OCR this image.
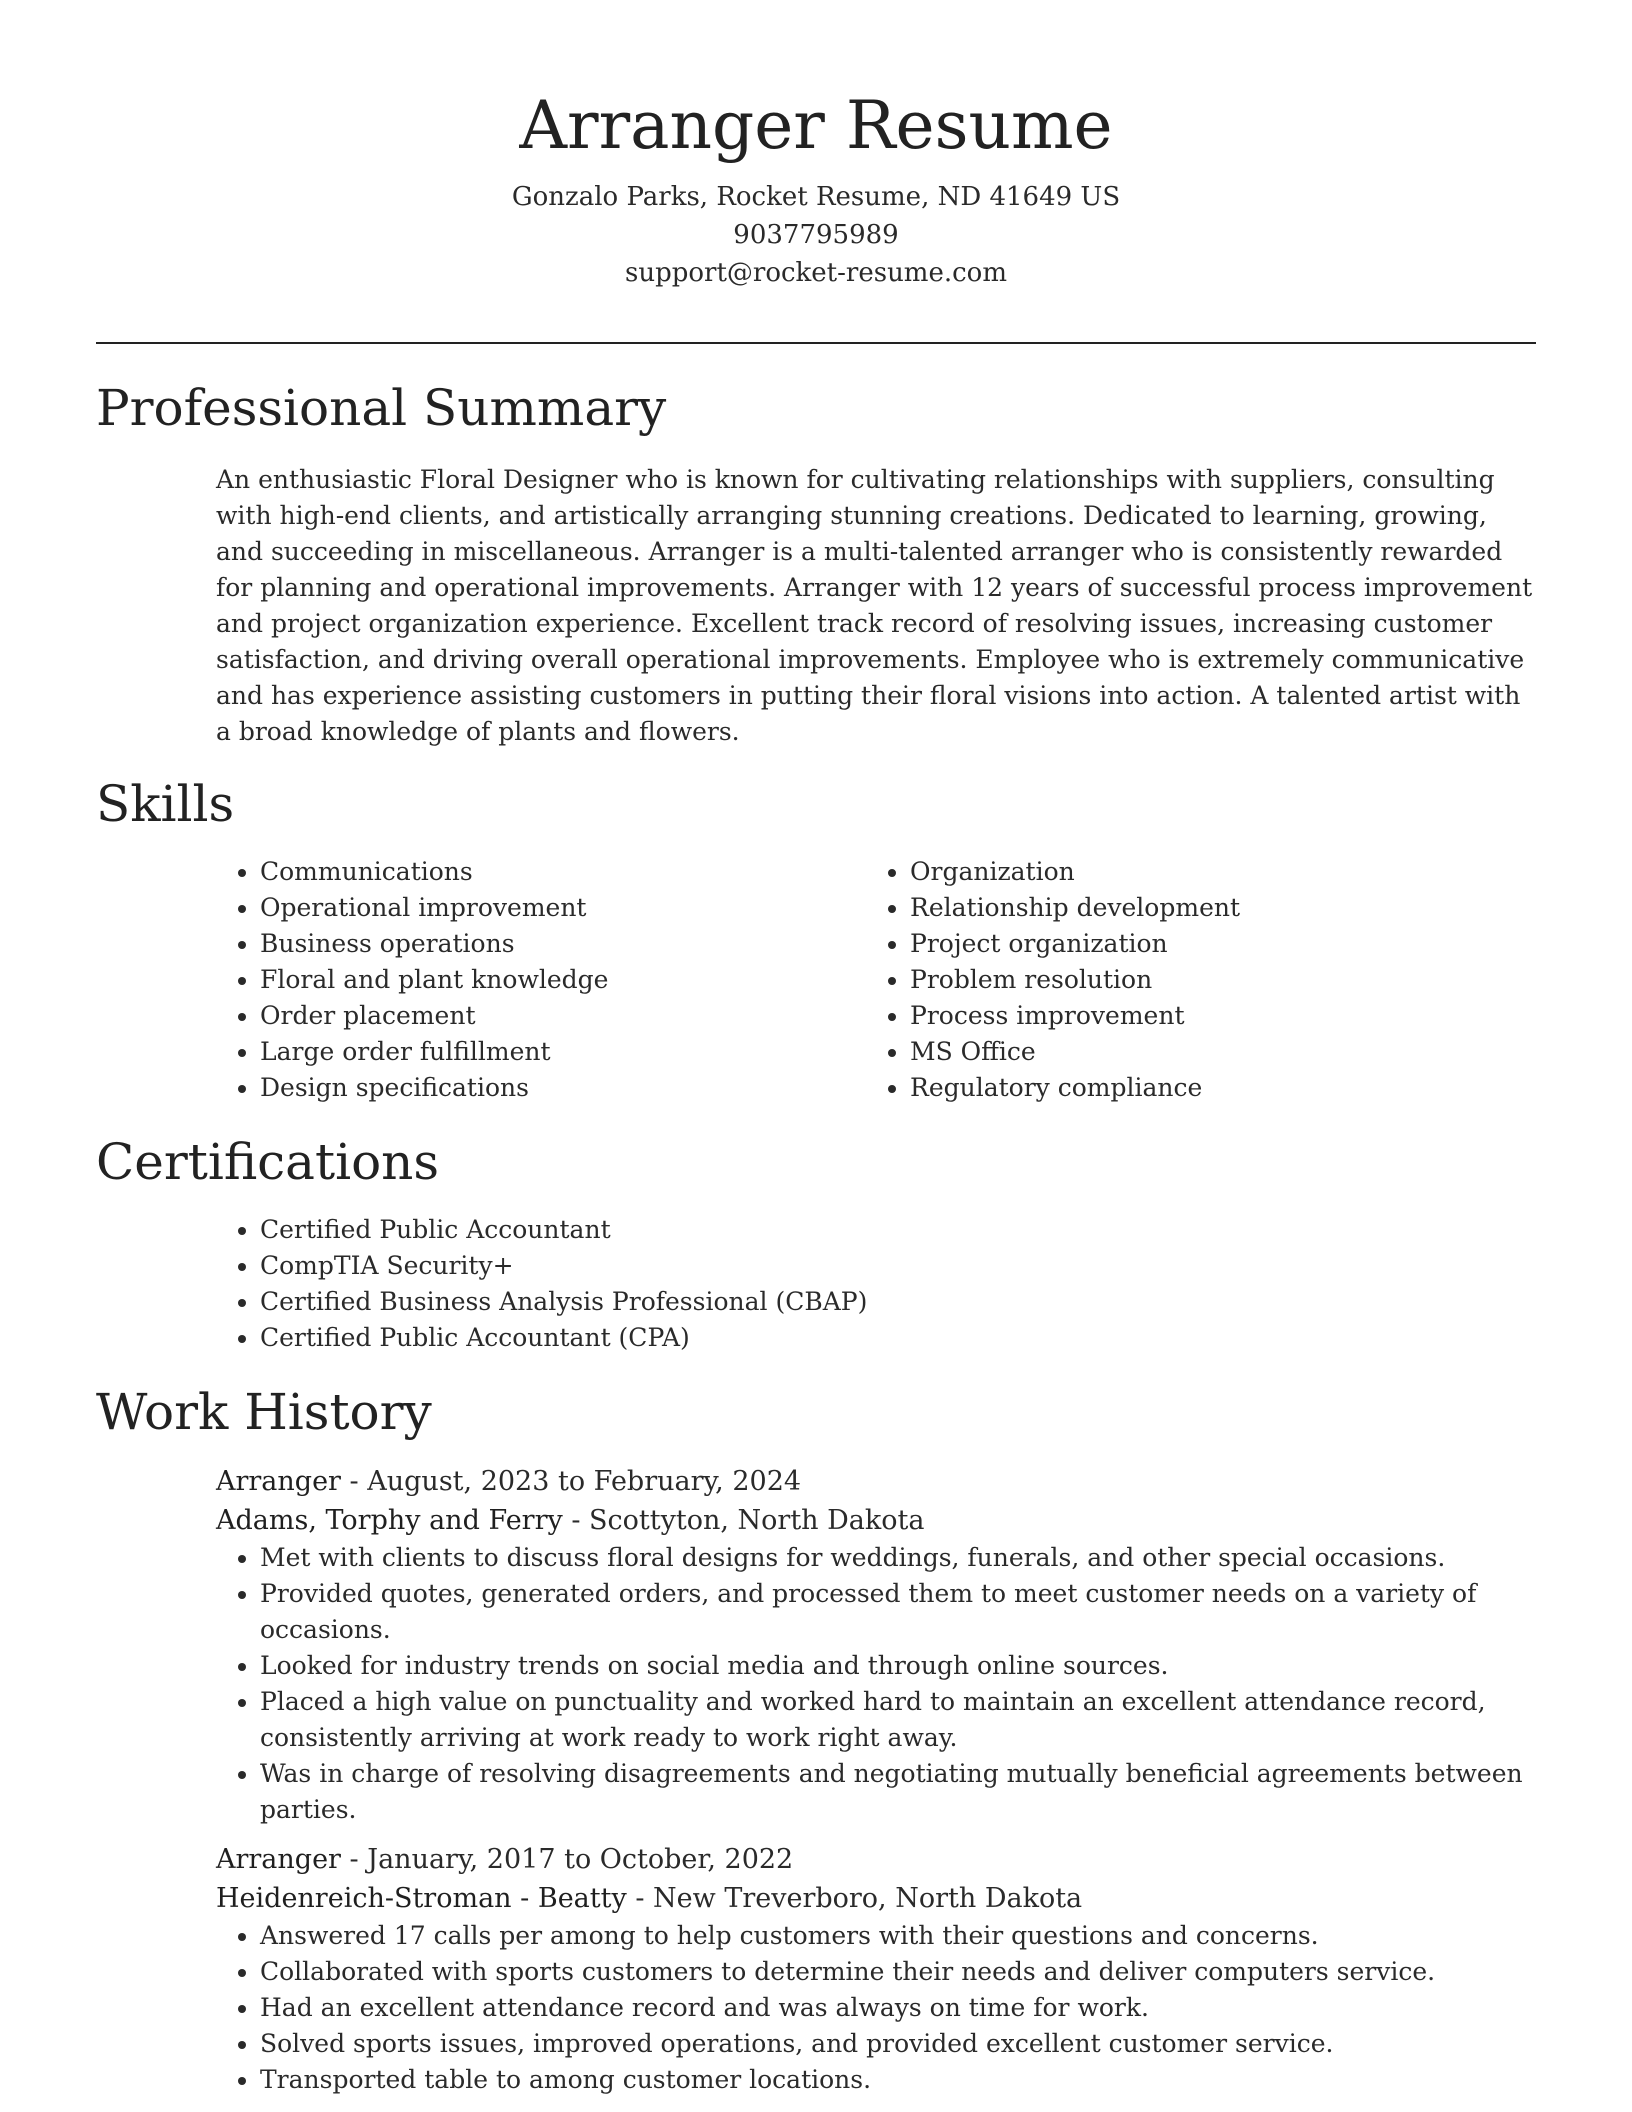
Arranger Resume
Gonzalo Parks, Rocket Resume, ND 41649 US
9037795989
support@rocket-resume.com
Professional Summary

An enthusiastic Floral Designer who is known for cultivating relationships with suppliers, consulting with high-end clients, and artistically arranging stunning creations. Dedicated to learning, growing, and succeeding in miscellaneous. Arranger is a multi-talented arranger who is consistently rewarded for planning and operational improvements. Arranger with 12 years of successful process improvement and project organization experience. Excellent track record of resolving issues, increasing customer satisfaction, and driving overall operational improvements. Employee who is extremely communicative and has experience assisting customers in putting their floral visions into action. A talented artist with a broad knowledge of plants and flowers.

Skills
• Communications
• Operational improvement
• Business operations
• Floral and plant knowledge
• Order placement
• Large order fulfillment
• Design specifications
• Organization
• Relationship development
• Project organization
• Problem resolution
• Process improvement
• MS Office
• Regulatory compliance
Certifications
• Certified Public Accountant
• CompTIA Security+
• Certified Business Analysis Professional (CBAP)
• Certified Public Accountant (CPA)
Work History
Arranger - August, 2023 to February, 2024
Adams, Torphy and Ferry - Scottyton, North Dakota
• Met with clients to discuss floral designs for weddings, funerals, and other special occasions.
• Provided quotes, generated orders, and processed them to meet customer needs on a variety of occasions.
• Looked for industry trends on social media and through online sources.
• Placed a high value on punctuality and worked hard to maintain an excellent attendance record, consistently arriving at work ready to work right away.
• Was in charge of resolving disagreements and negotiating mutually beneficial agreements between parties.
Arranger - January, 2017 to October, 2022
Heidenreich-Stroman - Beatty - New Treverboro, North Dakota
• Answered 17 calls per among to help customers with their questions and concerns.
• Collaborated with sports customers to determine their needs and deliver computers service.
• Had an excellent attendance record and was always on time for work.
• Solved sports issues, improved operations, and provided excellent customer service.
• Transported table to among customer locations.
